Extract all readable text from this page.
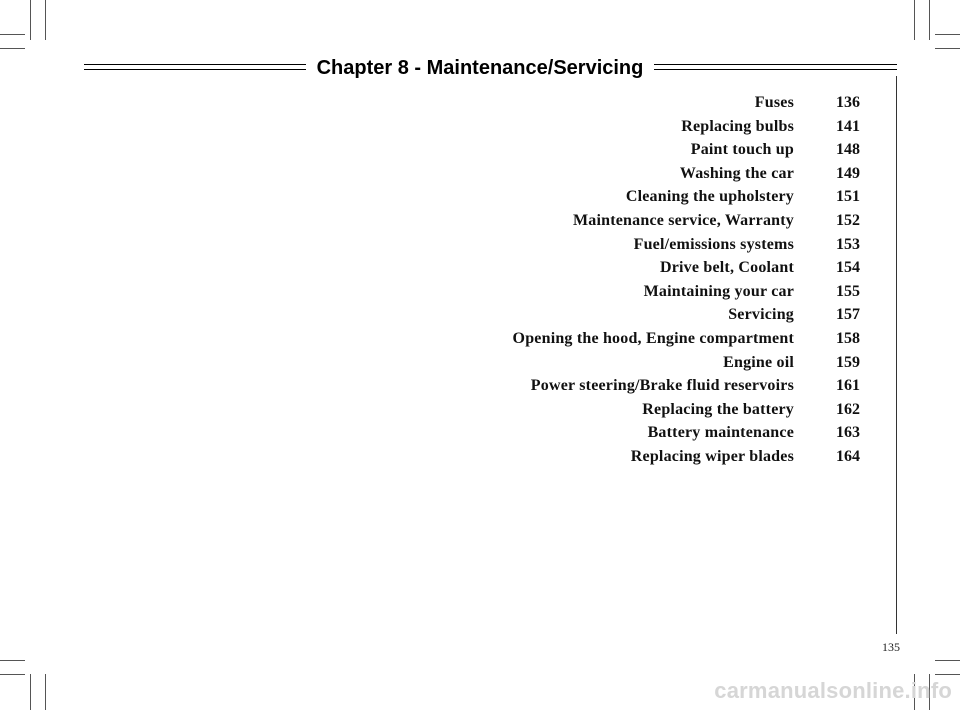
Chapter 8 - Maintenance/Servicing
Fuses	136
Replacing bulbs	141
Paint touch up	148
Washing the car	149
Cleaning the upholstery	151
Maintenance service, Warranty	152
Fuel/emissions systems	153
Drive belt, Coolant	154
Maintaining your car	155
Servicing	157
Opening the hood, Engine compartment	158
Engine oil	159
Power steering/Brake fluid reservoirs	161
Replacing the battery	162
Battery maintenance	163
Replacing wiper blades	164
135
carmanualsonline.info
